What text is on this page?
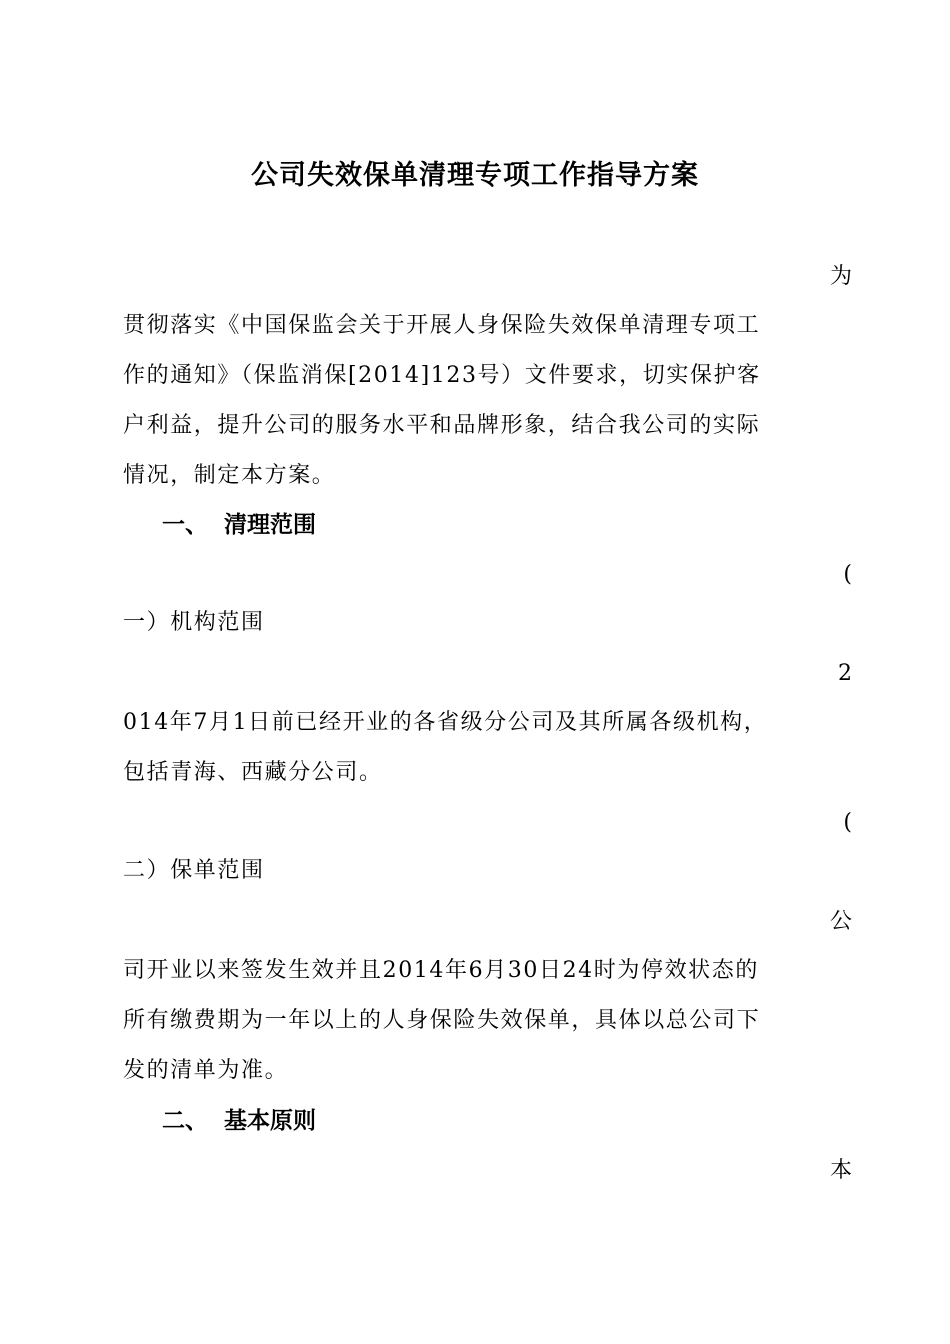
公司失效保单清理专项工作指导方案
为
贯彻落实《中国保监会关于开展人身保险失效保单清理专项工
作的通知》（保监消保[2014]123号）文件要求，切实保护客
户利益，提升公司的服务水平和品牌形象，结合我公司的实际
情况，制定本方案。
一、 清理范围
(
一）机构范围
2
014年7月1日前已经开业的各省级分公司及其所属各级机构，
包括青海、西藏分公司。
(
二）保单范围
公
司开业以来签发生效并且2014年6月30日24时为停效状态的
所有缴费期为一年以上的人身保险失效保单，具体以总公司下
发的清单为准。
二、 基本原则
本
